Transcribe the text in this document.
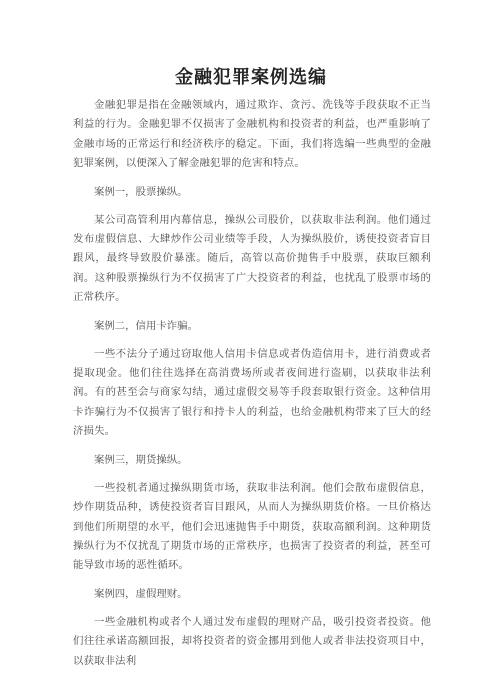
金融犯罪案例选编

金融犯罪是指在金融领域内，通过欺诈、贪污、洗钱等手段获取不正当利益的行为。金融犯罪不仅损害了金融机构和投资者的利益，也严重影响了金融市场的正常运行和经济秩序的稳定。下面，我们将选编一些典型的金融犯罪案例，以便深入了解金融犯罪的危害和特点。

案例一，股票操纵。

某公司高管利用内幕信息，操纵公司股价，以获取非法利润。他们通过发布虚假信息、大肆炒作公司业绩等手段，人为操纵股价，诱使投资者盲目跟风，最终导致股价暴涨。随后，高管以高价抛售手中股票，获取巨额利润。这种股票操纵行为不仅损害了广大投资者的利益，也扰乱了股票市场的正常秩序。

案例二，信用卡诈骗。

一些不法分子通过窃取他人信用卡信息或者伪造信用卡，进行消费或者提取现金。他们往往选择在高消费场所或者夜间进行盗刷，以获取非法利润。有的甚至会与商家勾结，通过虚假交易等手段套取银行资金。这种信用卡诈骗行为不仅损害了银行和持卡人的利益，也给金融机构带来了巨大的经济损失。

案例三，期货操纵。

一些投机者通过操纵期货市场，获取非法利润。他们会散布虚假信息，炒作期货品种，诱使投资者盲目跟风，从而人为操纵期货价格。一旦价格达到他们所期望的水平，他们会迅速抛售手中期货，获取高额利润。这种期货操纵行为不仅扰乱了期货市场的正常秩序，也损害了投资者的利益，甚至可能导致市场的恶性循环。

案例四，虚假理财。

一些金融机构或者个人通过发布虚假的理财产品，吸引投资者投资。他们往往承诺高额回报，却将投资者的资金挪用到他人或者非法投资项目中，以获取非法利
